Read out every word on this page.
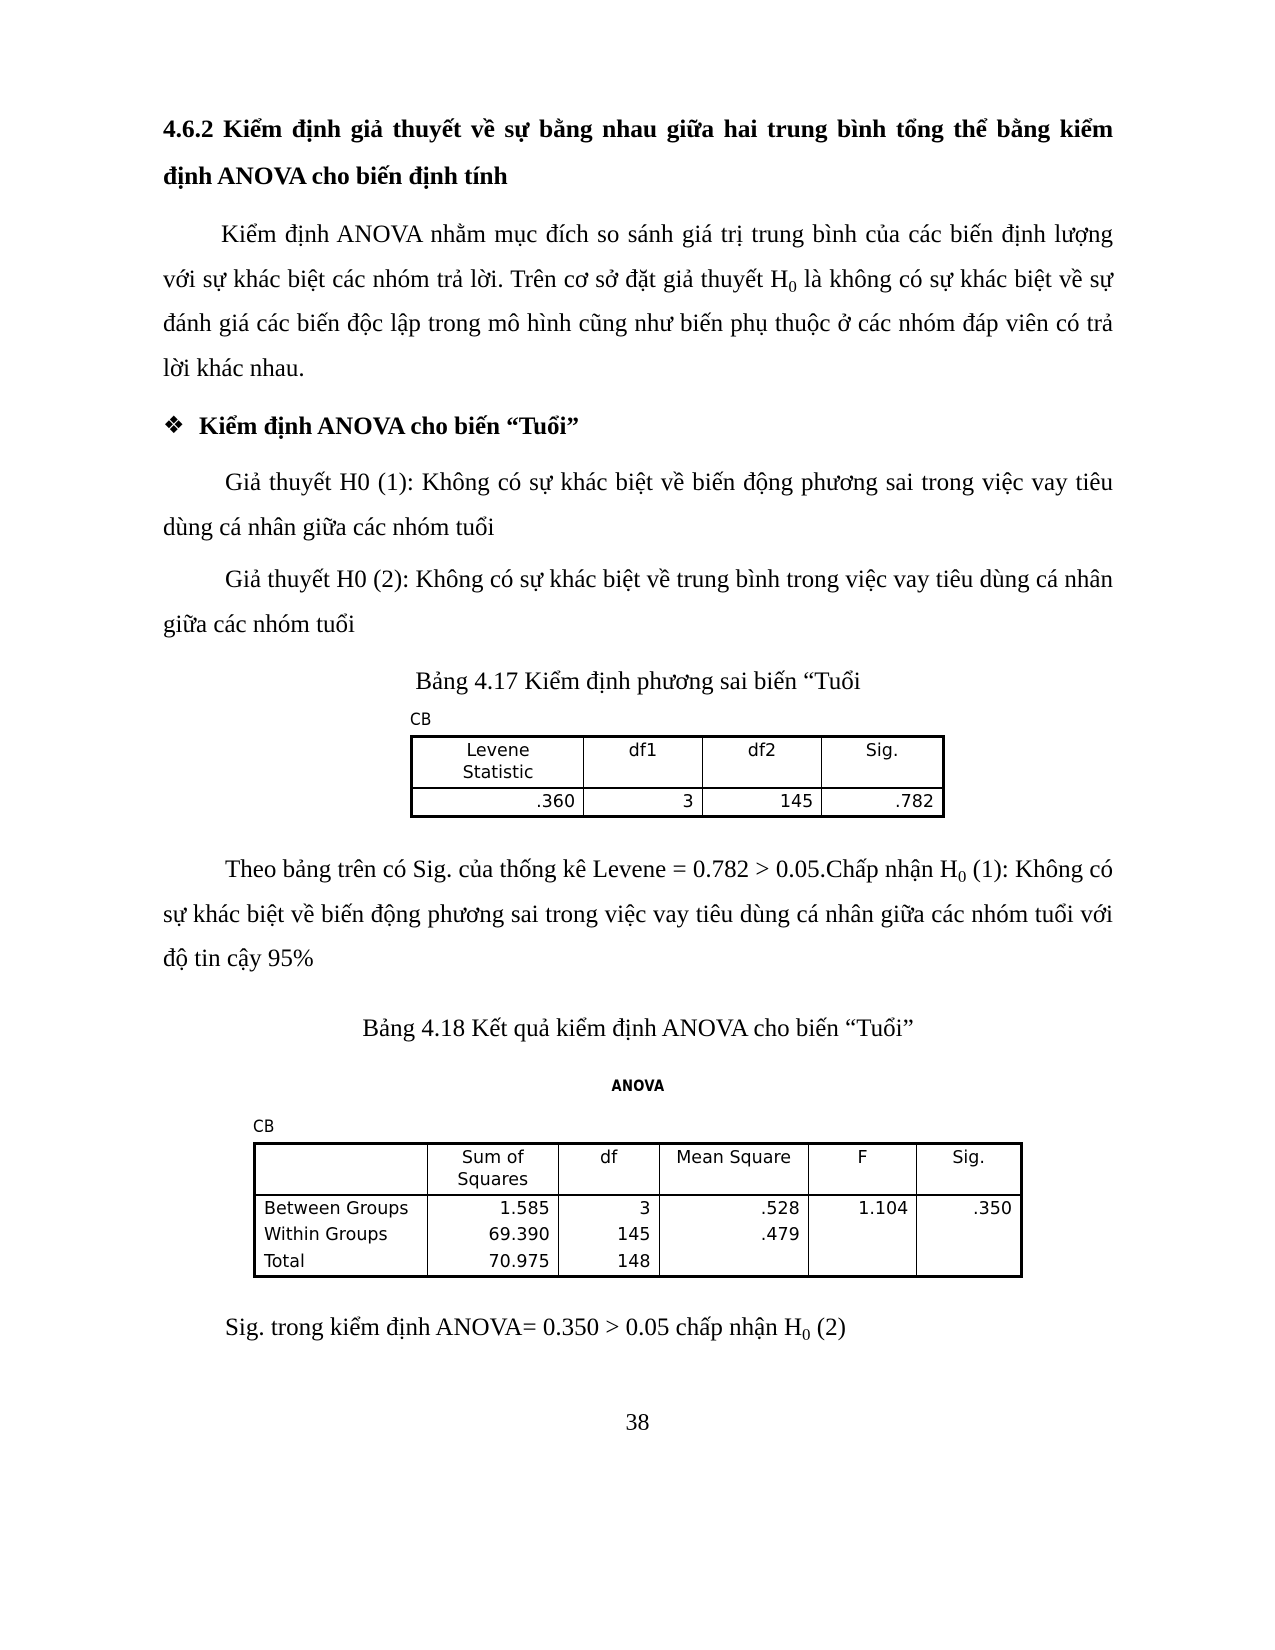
4.6.2 Kiểm định giả thuyết về sự bằng nhau giữa hai trung bình tổng thể bằng kiểm định ANOVA cho biến định tính

Kiểm định ANOVA nhằm mục đích so sánh giá trị trung bình của các biến định lượng với sự khác biệt các nhóm trả lời. Trên cơ sở đặt giả thuyết $H_0$ là không có sự khác biệt về sự đánh giá các biến độc lập trong mô hình cũng như biến phụ thuộc ở các nhóm đáp viên có trả lời khác nhau.

❖ Kiểm định ANOVA cho biến “Tuổi”

Giả thuyết H0 (1): Không có sự khác biệt về biến động phương sai trong việc vay tiêu dùng cá nhân giữa các nhóm tuổi

Giả thuyết H0 (2): Không có sự khác biệt về trung bình trong việc vay tiêu dùng cá nhân giữa các nhóm tuổi

Bảng 4.17 Kiểm định phương sai biến “Tuổi
CB
Levene
Statistic	df1	df2	Sig.
.360	3	145	.782

Theo bảng trên có Sig. của thống kê Levene = 0.782 > 0.05.Chấp nhận $H_0$ (1): Không có sự khác biệt về biến động phương sai trong việc vay tiêu dùng cá nhân giữa các nhóm tuổi với độ tin cậy 95%

Bảng 4.18 Kết quả kiểm định ANOVA cho biến “Tuổi”
ANOVA
CB

	Sum of
Squares	df	Mean Square	F	Sig.
Between Groups	1.585	3	.528	1.104	.350
Within Groups	69.390	145	.479		
Total	70.975	148			

Sig. trong kiểm định ANOVA= 0.350 > 0.05 chấp nhận $H_0$ (2)

38
